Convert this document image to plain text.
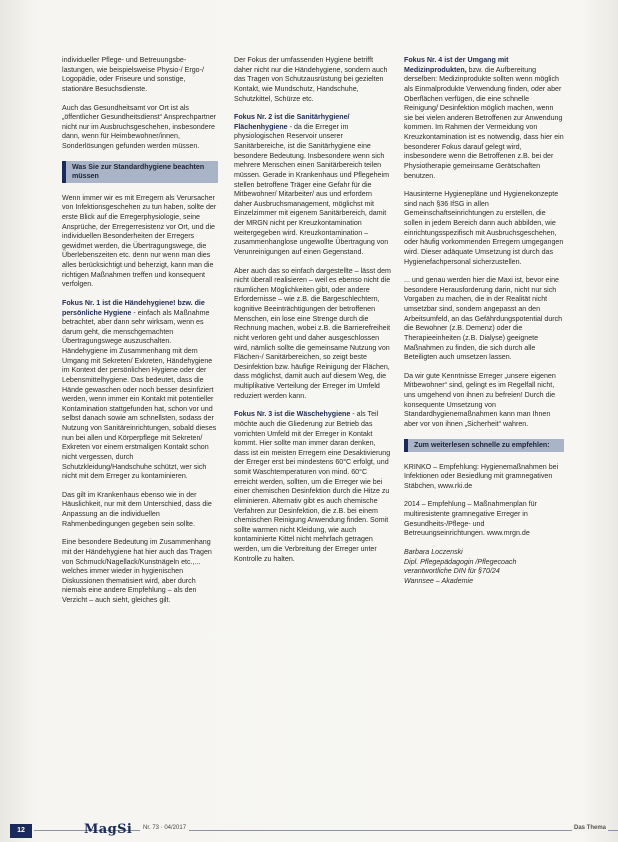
individueller Pflege- und Betreuungsbe-lastungen, wie beispielsweise Physio-/ Ergo-/ Logopädie, oder Friseure und sonstige, stationäre Besuchsdienste.

Auch das Gesundheitsamt vor Ort ist als „öffentlicher Gesundheitsdienst“ Ansprechpartner nicht nur im Ausbruchsgeschehen, insbesondere dann, wenn für Heimbewohner/innen, Sonderlösungen gefunden werden müssen.

Was Sie zur Standardhygiene beachten müssen

Wenn immer wir es mit Erregern als Verursacher von Infektionsgeschehen zu tun haben, sollte der erste Blick auf die Erregerphysiologie, seine Ansprüche, der Erregerresistenz vor Ort, und die individuellen Besonderheiten der Erregers gewidmet werden, die Übertragungswege, die Überlebenszeiten etc. denn nur wenn man dies alles berücksichtigt und beherzigt, kann man die richtigen Maßnahmen treffen und konsequent verfolgen.

Fokus Nr. 1 ist die Händehygiene! bzw. die persönliche Hygiene - einfach als Maßnahme betrachtet, aber dann sehr wirksam, wenn es darum geht, die menschgemachten Übertragungswege auszuschalten. Händehygiene im Zusammenhang mit dem Umgang mit Sekreten/ Exkreten, Händehygiene im Kontext der persönlichen Hygiene oder der Lebensmittelhygiene. Das bedeutet, dass die Hände gewaschen oder noch besser desinfiziert werden, wenn immer ein Kontakt mit potentieller Kontamination stattgefunden hat, schon vor und selbst danach sowie am schnellsten, sodass der Nutzung von Sanitäreinrichtungen, sobald dieses nun bei allen und Körperpflege mit Sekreten/ Exkreten vor einem erstmaligen Kontakt schon nicht vergessen, durch Schutzkleidung/Handschuhe schützt, wer sich nicht mit dem Erreger zu kontaminieren.

Das gilt im Krankenhaus ebenso wie in der Häuslichkeit, nur mit dem Unterschied, dass die Anpassung an die individuellen Rahmenbedingungen gegeben sein sollte.

Eine besondere Bedeutung im Zusammenhang mit der Händehygiene hat hier auch das Tragen von Schmuck/Nagellack/Kunstnägeln etc.,... welches immer wieder in hygienischen Diskussionen thematisiert wird, aber durch niemals eine andere Empfehlung – als den Verzicht – auch sieht, gleiches gilt.

Der Fokus der umfassenden Hygiene betrifft daher nicht nur die Händehygiene, sondern auch das Tragen von Schutzausrüstung bei gezielten Kontakt, wie Mundschutz, Handschuhe, Schutzkittel, Schürze etc.

Fokus Nr. 2 ist die Sanitärhygiene/ Flächenhygiene - da die Erreger im physiologischen Reservoir unserer Sanitärbereiche, ist die Sanitärhygiene eine besondere Bedeutung. Insbesondere wenn sich mehrere Menschen einen Sanitärbereich teilen müssen. Gerade in Krankenhaus und Pflegeheim stellen betroffene Träger eine Gefahr für die Mitbewohner/ Mitarbeiter/ aus und erfordern daher Ausbruchsmanagement, möglichst mit Einzelzimmer mit eigenem Sanitärbereich, damit der MRGN nicht per Kreuzkontamination weitergegeben wird. Kreuzkontamination – zusammenhanglose ungewollte Übertragung von Verunreinigungen auf einen Gegenstand.

Aber auch das so einfach dargestellte – lässt dem nicht überall realisieren – weil es ebenso nicht die räumlichen Möglichkeiten gibt, oder andere Erfordernisse – wie z.B. die Bargeschlechtern, kognitive Beeinträchtigungen der betroffenen Menschen, ein lose eine Strenge durch die Rechnung machen, wobei z.B. die Barrierefreiheit nicht verloren geht und daher ausgeschlossen wird, nämlich sollte die gemeinsame Nutzung von Flächen-/ Sanitärbereichen, so zeigt beste Desinfektion bzw. häufige Reinigung der Flächen, dass möglichst, damit auch auf diesem Weg, die multiplikative Verteilung der Erreger im Umfeld reduziert werden kann.

Fokus Nr. 3 ist die Wäschehygiene - als Teil möchte auch die Gliederung zur Betrieb das vorrichten Umfeld mit der Erreger in Kontakt kommt. Hier sollte man immer daran denken, dass ist ein meisten Erregern eine Desaktivierung der Erreger erst bei mindestens 60°C erfolgt, und somit Waschtemperaturen von mind. 60°C erreicht werden, sollten, um die Erreger wie bei einer chemischen Desinfektion durch die Hitze zu eliminieren. Alternativ gibt es auch chemische Verfahren zur Desinfektion, die z.B. bei einem chemischen Reinigung Anwendung finden. Somit sollte warmen nicht Kleidung, wie auch kontaminierte Kittel nicht mehrfach getragen werden, um die Verbreitung der Erreger unter Kontrolle zu halten.

Fokus Nr. 4 ist der Umgang mit Medizinprodukten, bzw. die Aufbereitung derselben: Medizinprodukte sollten wenn möglich als Einmalprodukte Verwendung finden, oder aber Oberflächen verfügen, die eine schnelle Reinigung/ Desinfektion möglich machen, wenn sie bei vielen anderen Betroffenen zur Anwendung kommen. Im Rahmen der Vermeidung von Kreuzkontamination ist es notwendig, dass hier ein besonderer Fokus darauf gelegt wird, insbesondere wenn die Betroffenen z.B. bei der Physiotherapie gemeinsame Gerätschaften benutzen.

Hausinterne Hygienepläne und Hygienekonzepte sind nach §36 IfSG in allen Gemeinschaftseinrichtungen zu erstellen, die sollen in jedem Bereich dann auch abbilden, wie einrichtungsspezifisch mit Ausbruchsgeschehen, oder häufig vorkommenden Erregern umgegangen wird. Dieser adäquate Umsetzung ist durch das Hygienefachpersonal sicherzustellen.

... und genau werden hier die Maxi ist, bevor eine besondere Herausforderung darin, nicht nur sich Vorgaben zu machen, die in der Realität nicht umsetzbar sind, sondern angepasst an den Arbeitsumfeld, an das Gefährdungspotential durch die Bewohner (z.B. Demenz) oder die Therapieeinheiten (z.B. Dialyse) geeignete Maßnahmen zu finden, die sich durch alle Beteiligten auch umsetzen lassen.

Da wir gute Kenntnisse Erreger „unsere eigenen Mitbewohner“ sind, gelingt es im Regelfall nicht, uns umgehend von ihnen zu befreien! Durch die konsequente Umsetzung von Standardhygienemaßnahmen kann man Ihnen aber vor von ihnen „Sicherheit“ wahren.

Zum weiterlesen schnelle zu empfehlen:

KRINKO – Empfehlung: Hygienemaßnahmen bei Infektionen oder Besiedlung mit gramnegativen Stäbchen, www.rki.de

2014 – Empfehlung – Maßnahmenplan für multiresistente gramnegative Erreger in Gesundheits-/Pflege- und Betreuungseinrichtungen. www.mrgn.de

Barbara Loczenski
Dipl. Pflegepädagogin /Pflegecoach
verantwortliche DIN für §70/24
Wannsee – Akademie

12	MagSi	Nr. 73 · 04/2017	Das Thema
